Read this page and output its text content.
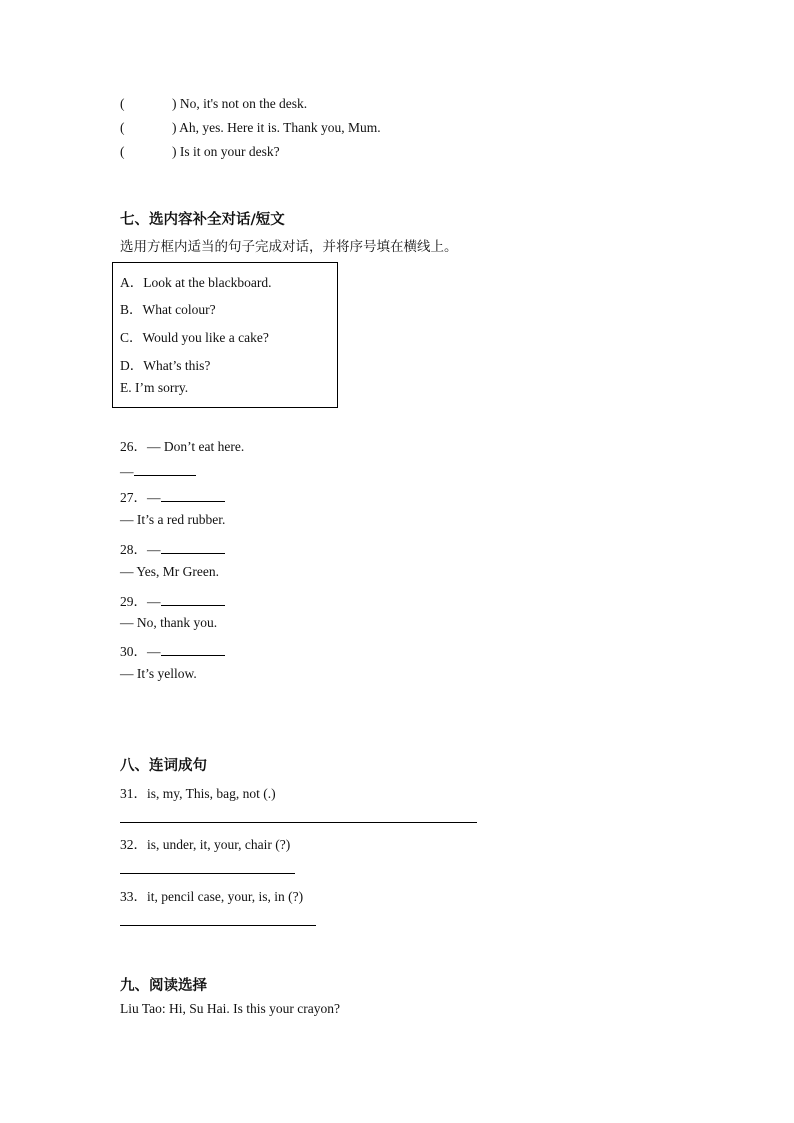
(	) No, it's not on the desk.
(	) Ah, yes. Here it is. Thank you, Mum.
(	) Is it on your desk?
七、选内容补全对话/短文
选用方框内适当的句子完成对话，并将序号填在横线上。
A．Look at the blackboard.
B．What colour?
C．Would you like a cake?
D．What’s this?
E. I’m sorry.
26．— Don’t eat here.
—
27．—
— It’s a red rubber.
28．—
— Yes, Mr Green.
29．—
— No, thank you.
30．—
— It’s yellow.
八、连词成句
31．is, my, This, bag, not (.)
32．is, under, it, your, chair (?)
33．it, pencil case, your, is, in (?)
九、阅读选择
Liu Tao: Hi, Su Hai. Is this your crayon?
